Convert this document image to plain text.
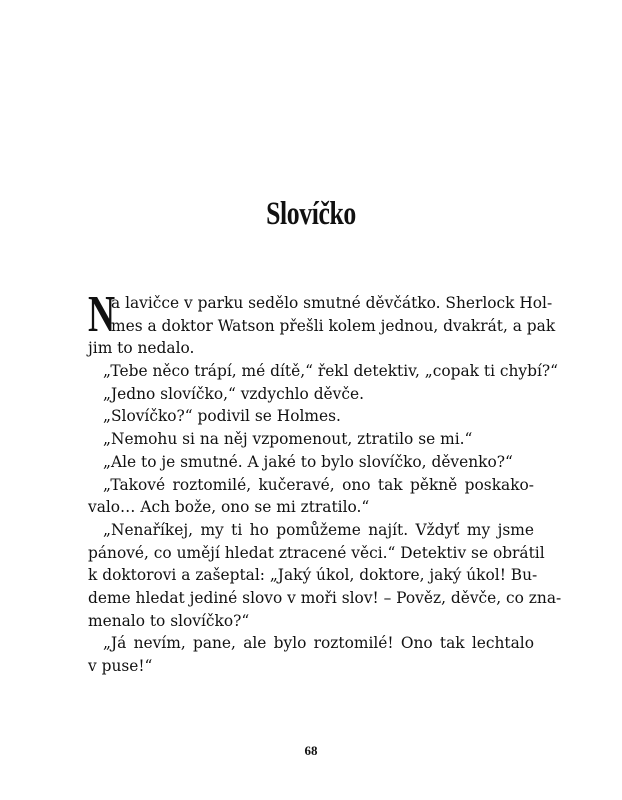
Slovíčko
N
a lavičce v parku sedělo smutné děvčátko. Sherlock Hol-
mes a doktor Watson přešli kolem jednou, dvakrát, a pak
jim to nedalo.
„Tebe něco trápí, mé dítě,“ řekl detektiv, „copak ti chybí?“
„Jedno slovíčko,“ vzdychlo děvče.
„Slovíčko?“ podivil se Holmes.
„Nemohu si na něj vzpomenout, ztratilo se mi.“
„Ale to je smutné. A jaké to bylo slovíčko, děvenko?“
„Takové roztomilé, kučeravé, ono tak pěkně poskako-
valo… Ach bože, ono se mi ztratilo.“
„Nenaříkej, my ti ho pomůžeme najít. Vždyť my jsme
pánové, co umějí hledat ztracené věci.“ Detektiv se obrátil
k doktorovi a zašeptal: „Jaký úkol, doktore, jaký úkol! Bu-
deme hledat jediné slovo v moři slov! – Pověz, děvče, co zna-
menalo to slovíčko?“
„Já nevím, pane, ale bylo roztomilé! Ono tak lechtalo
v puse!“
68
